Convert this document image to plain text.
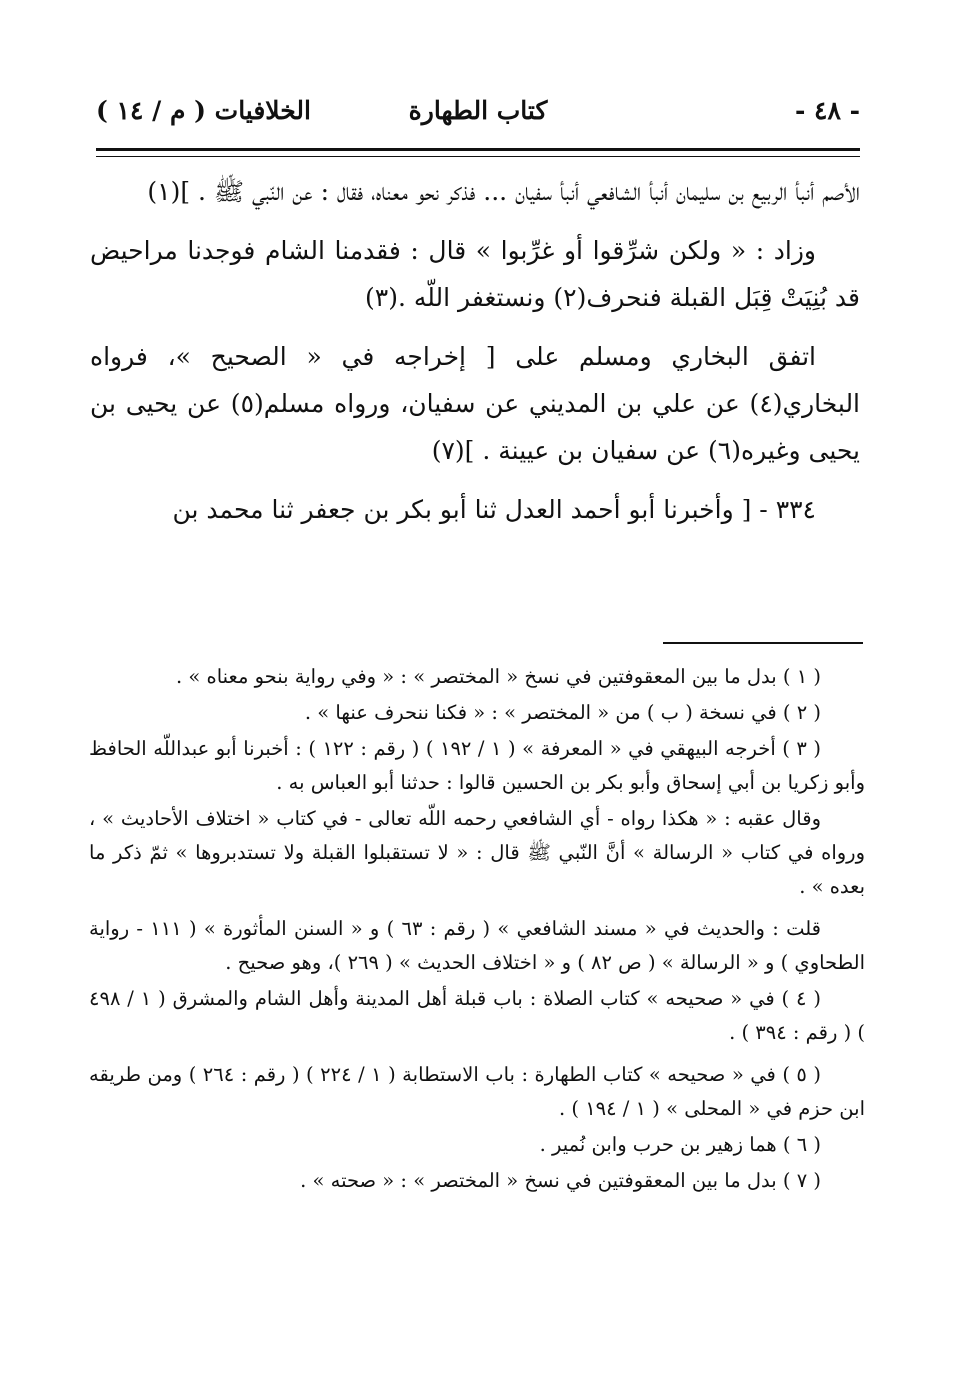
- ٤٨ -
كتاب الطهارة
الخلافيات ( م / ١٤ )

الأصم أنبأ الربيع بن سليمان أنبأ الشافعي أنبأ سفيان ... فذكر نحو معناه، فقال : عن النّبي ﷺ . ](١)

وزاد : « ولكن شرِّقوا أو غرِّبوا » قال : فقدمنا الشام فوجدنا مراحيض قد بُنِيَتْ قِبَل القبلة فنحرف(٢) ونستغفر اللّه .(٣)

اتفق البخاري ومسلم على [ إخراجه في « الصحيح »، فرواه البخاري(٤) عن علي بن المديني عن سفيان، ورواه مسلم(٥) عن يحيى بن يحيى وغيره(٦) عن سفيان بن عيينة . ](٧)

٣٣٤ - [ وأخبرنا أبو أحمد العدل ثنا أبو بكر بن جعفر ثنا محمد بن

( ١ ) بدل ما بين المعقوفتين في نسخ « المختصر » : « وفي رواية بنحو معناه » .

( ٢ ) في نسخة ( ب ) من « المختصر » : « فكنا ننحرف عنها » .

( ٣ ) أخرجه البيهقي في « المعرفة » ( ١ / ١٩٢ ) ( رقم : ١٢٢ ) : أخبرنا أبو عبداللّه الحافظ وأبو زكريا بن أبي إسحاق وأبو بكر بن الحسين قالوا : حدثنا أبو العباس به .

وقال عقبه : « هكذا رواه - أي الشافعي رحمه اللّه تعالى - في كتاب « اختلاف الأحاديث » ، ورواه في كتاب « الرسالة » أنَّ النّبي ﷺ قال : « لا تستقبلوا القبلة ولا تستدبروها » ثمّ ذكر ما بعده » .

قلت : والحديث في « مسند الشافعي » ( رقم : ٦٣ ) و « السنن المأثورة » ( ١١١ - رواية الطحاوي ) و « الرسالة » ( ص ٨٢ ) و « اختلاف الحديث » ( ٢٦٩ )، وهو صحيح .

( ٤ ) في « صحيحه » كتاب الصلاة : باب قبلة أهل المدينة وأهل الشام والمشرق ( ١ / ٤٩٨ ) ( رقم : ٣٩٤ ) .

( ٥ ) في « صحيحه » كتاب الطهارة : باب الاستطابة ( ١ / ٢٢٤ ) ( رقم : ٢٦٤ ) ومن طريقه ابن حزم في « المحلى » ( ١ / ١٩٤ ) .

( ٦ ) هما زهير بن حرب وابن نُمير .

( ٧ ) بدل ما بين المعقوفتين في نسخ « المختصر » : « صحته » .
